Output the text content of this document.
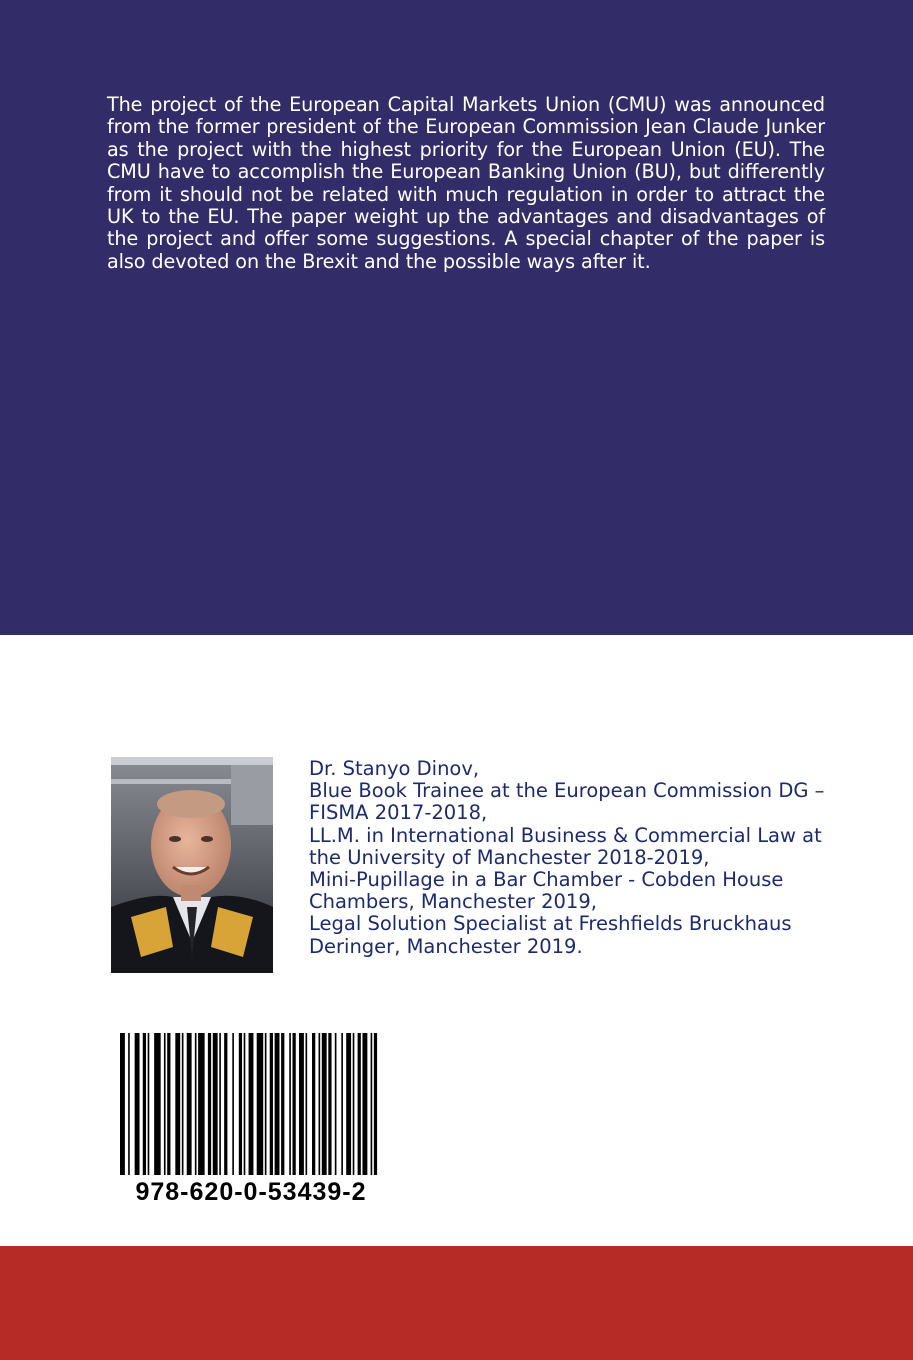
The project of the European Capital Markets Union (CMU) was announced from the former president of the European Commission Jean Claude Junker as the project with the highest priority for the European Union (EU). The CMU have to accomplish the European Banking Union (BU), but differently from it should not be related with much regulation in order to attract the UK to the EU. The paper weight up the advantages and disadvantages of the project and offer some suggestions. A special chapter of the paper is also devoted on the Brexit and the possible ways after it.

Dr. Stanyo Dinov,
Blue Book Trainee at the European Commission DG –
FISMA 2017-2018,
LL.M. in International Business & Commercial Law at
the University of Manchester 2018-2019,
Mini-Pupillage in a Bar Chamber - Cobden House
Chambers, Manchester 2019,
Legal Solution Specialist at Freshfields Bruckhaus
Deringer, Manchester 2019.
978-620-0-53439-2
